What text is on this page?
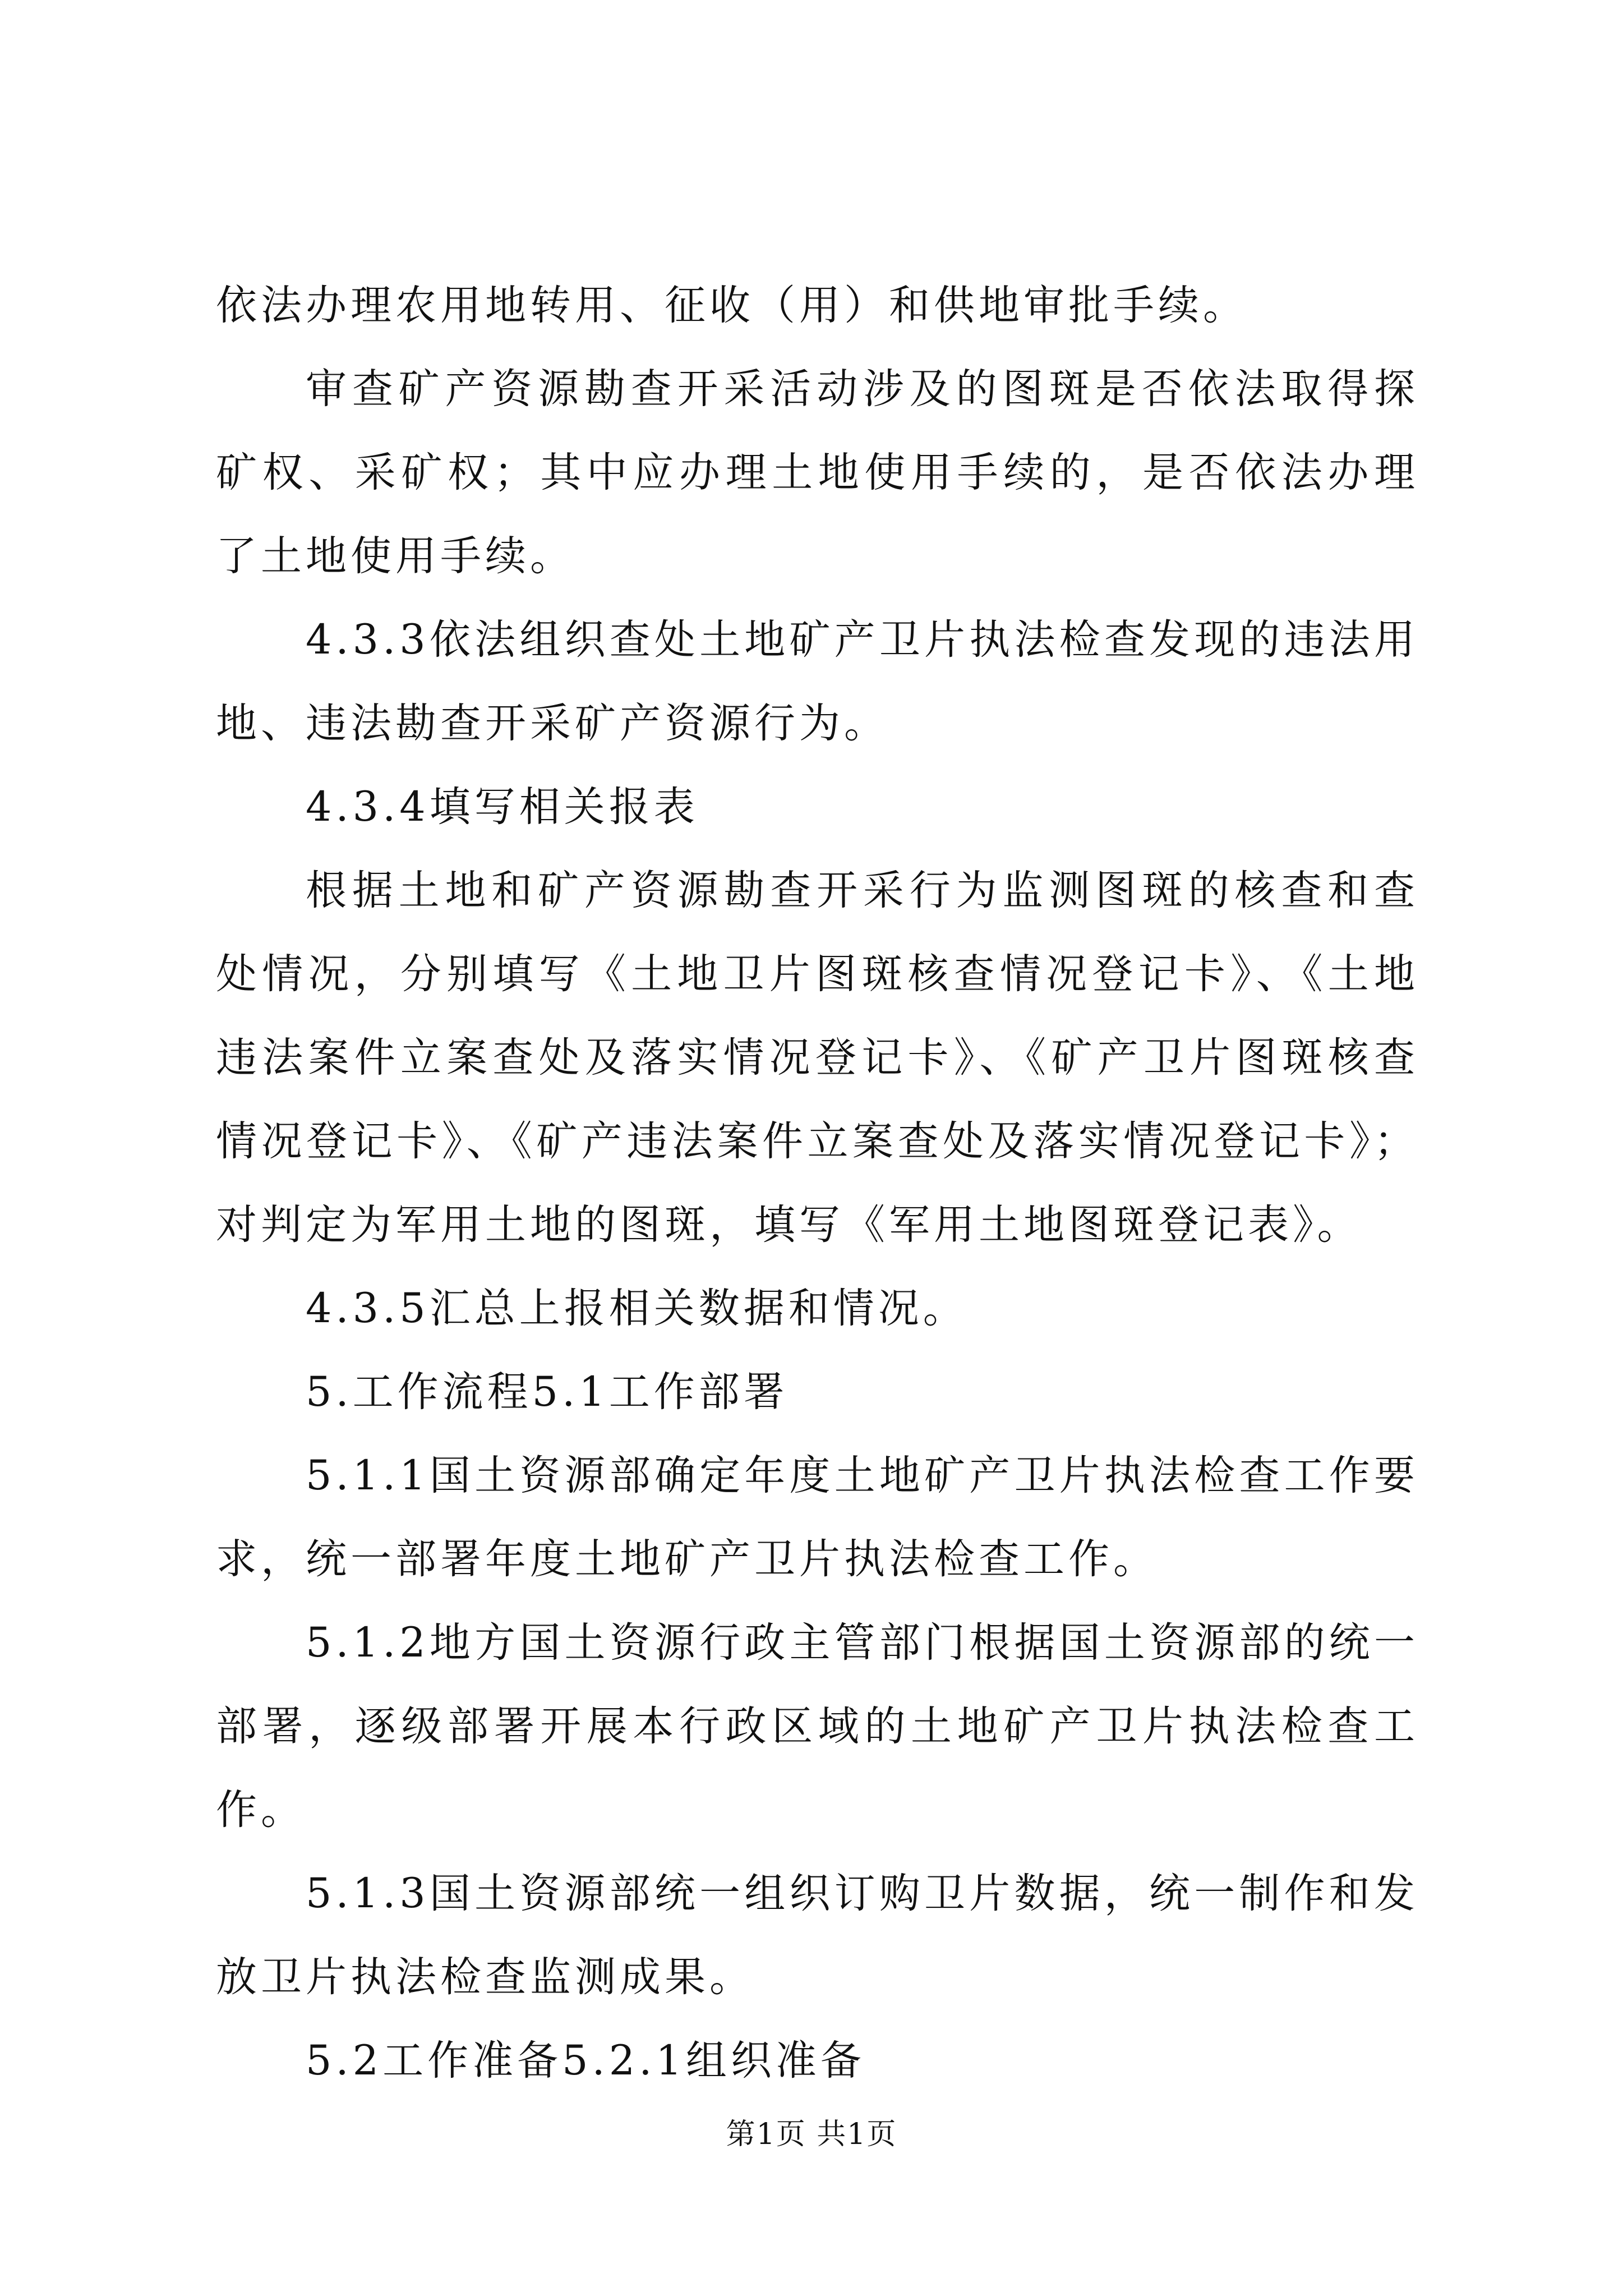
依法办理农用地转用、征收（用）和供地审批手续。

审查矿产资源勘查开采活动涉及的图斑是否依法取得探矿权、采矿权；其中应办理土地使用手续的，是否依法办理了土地使用手续。

4.3.3依法组织查处土地矿产卫片执法检查发现的违法用地、违法勘查开采矿产资源行为。

4.3.4填写相关报表

根据土地和矿产资源勘查开采行为监测图斑的核查和查处情况，分别填写《土地卫片图斑核查情况登记卡》、《土地违法案件立案查处及落实情况登记卡》、《矿产卫片图斑核查情况登记卡》、《矿产违法案件立案查处及落实情况登记卡》；对判定为军用土地的图斑，填写《军用土地图斑登记表》。

4.3.5汇总上报相关数据和情况。

5.工作流程5.1工作部署

5.1.1国土资源部确定年度土地矿产卫片执法检查工作要求，统一部署年度土地矿产卫片执法检查工作。

5.1.2地方国土资源行政主管部门根据国土资源部的统一部署，逐级部署开展本行政区域的土地矿产卫片执法检查工作。

5.1.3国土资源部统一组织订购卫片数据，统一制作和发放卫片执法检查监测成果。

5.2工作准备5.2.1组织准备

第1页 共1页
